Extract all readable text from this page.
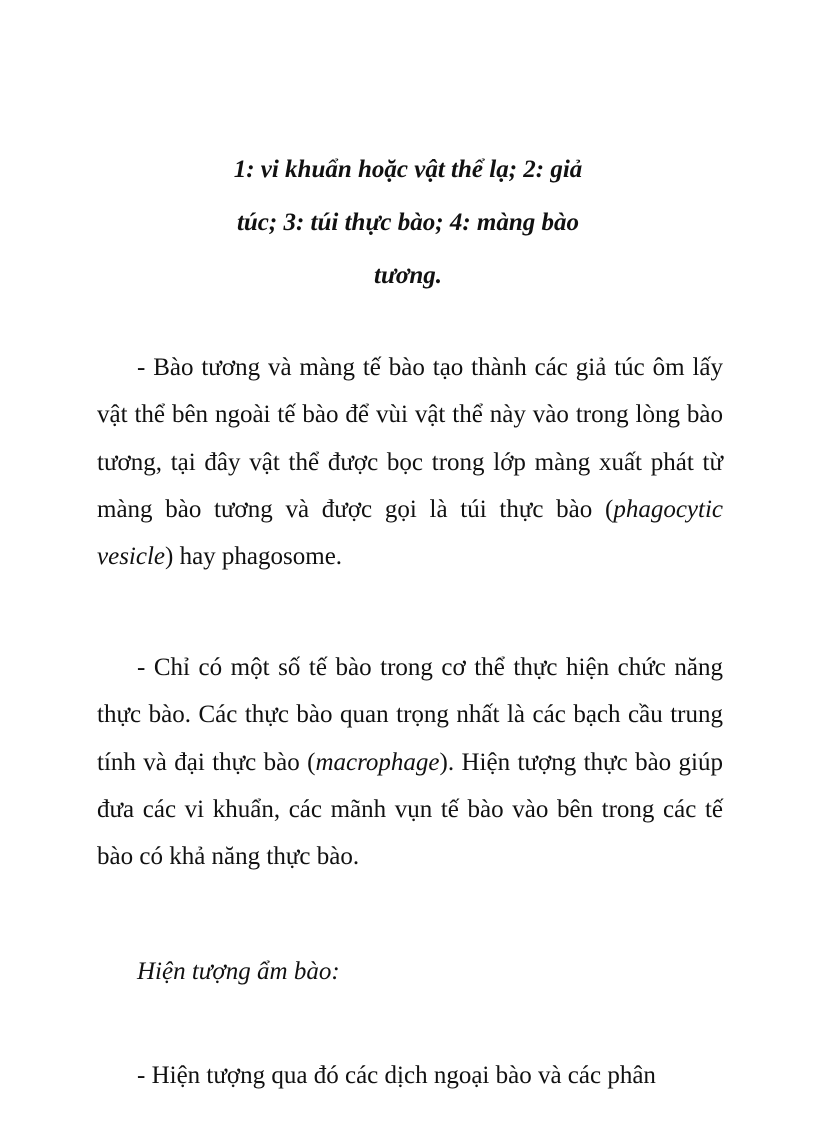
1: vi khuẩn hoặc vật thể lạ; 2: giả
túc; 3: túi thực bào; 4: màng bào
tương.

- Bào tương và màng tế bào tạo thành các giả túc ôm lấy vật thể bên ngoài tế bào để vùi vật thể này vào trong lòng bào tương, tại đây vật thể được bọc trong lớp màng xuất phát từ màng bào tương và được gọi là túi thực bào (phagocytic vesicle) hay phagosome.

- Chỉ có một số tế bào trong cơ thể thực hiện chức năng thực bào. Các thực bào quan trọng nhất là các bạch cầu trung tính và đại thực bào (macrophage). Hiện tượng thực bào giúp đưa các vi khuẩn, các mãnh vụn tế bào vào bên trong các tế bào có khả năng thực bào.

Hiện tượng ẩm bào:

- Hiện tượng qua đó các dịch ngoại bào và các phân
